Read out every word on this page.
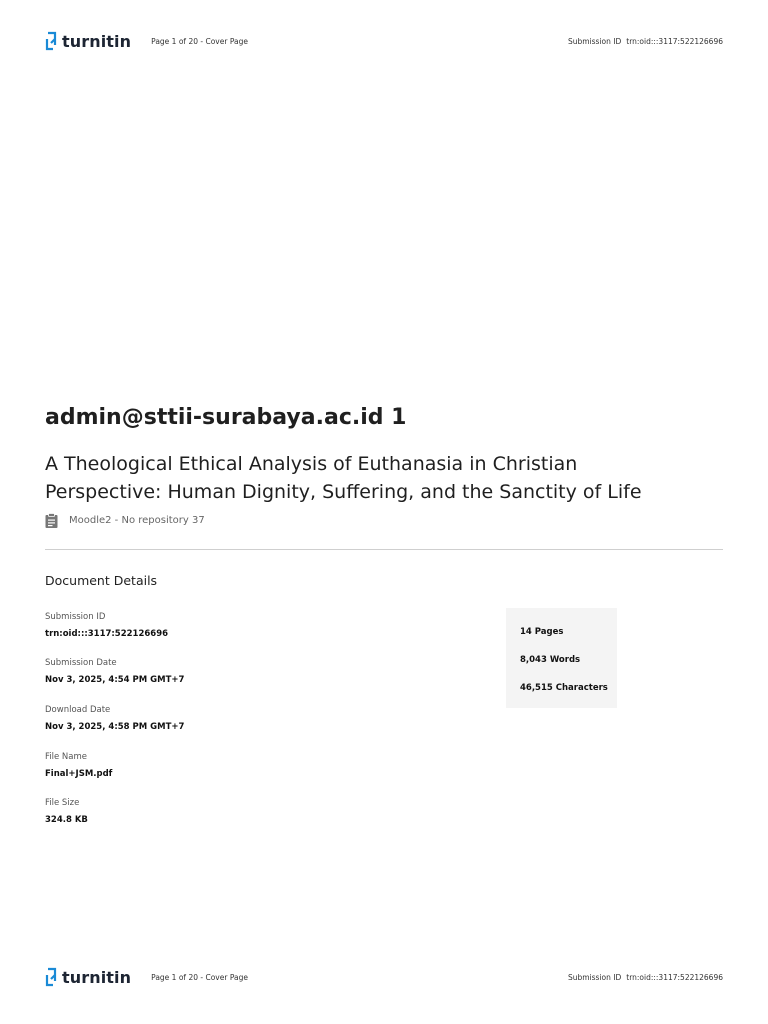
turnitin	Page 1 of 20 - Cover Page	Submission ID trn:oid:::3117:522126696
admin@sttii-surabaya.ac.id 1
A Theological Ethical Analysis of Euthanasia in Christian
Perspective: Human Dignity, Suffering, and the Sanctity of Life
Moodle2 - No repository 37
Document Details
Submission ID
trn:oid:::3117:522126696
Submission Date
Nov 3, 2025, 4:54 PM GMT+7
Download Date
Nov 3, 2025, 4:58 PM GMT+7
File Name
Final+JSM.pdf
File Size
324.8 KB
14 Pages
8,043 Words
46,515 Characters
turnitin	Page 1 of 20 - Cover Page	Submission ID trn:oid:::3117:522126696
